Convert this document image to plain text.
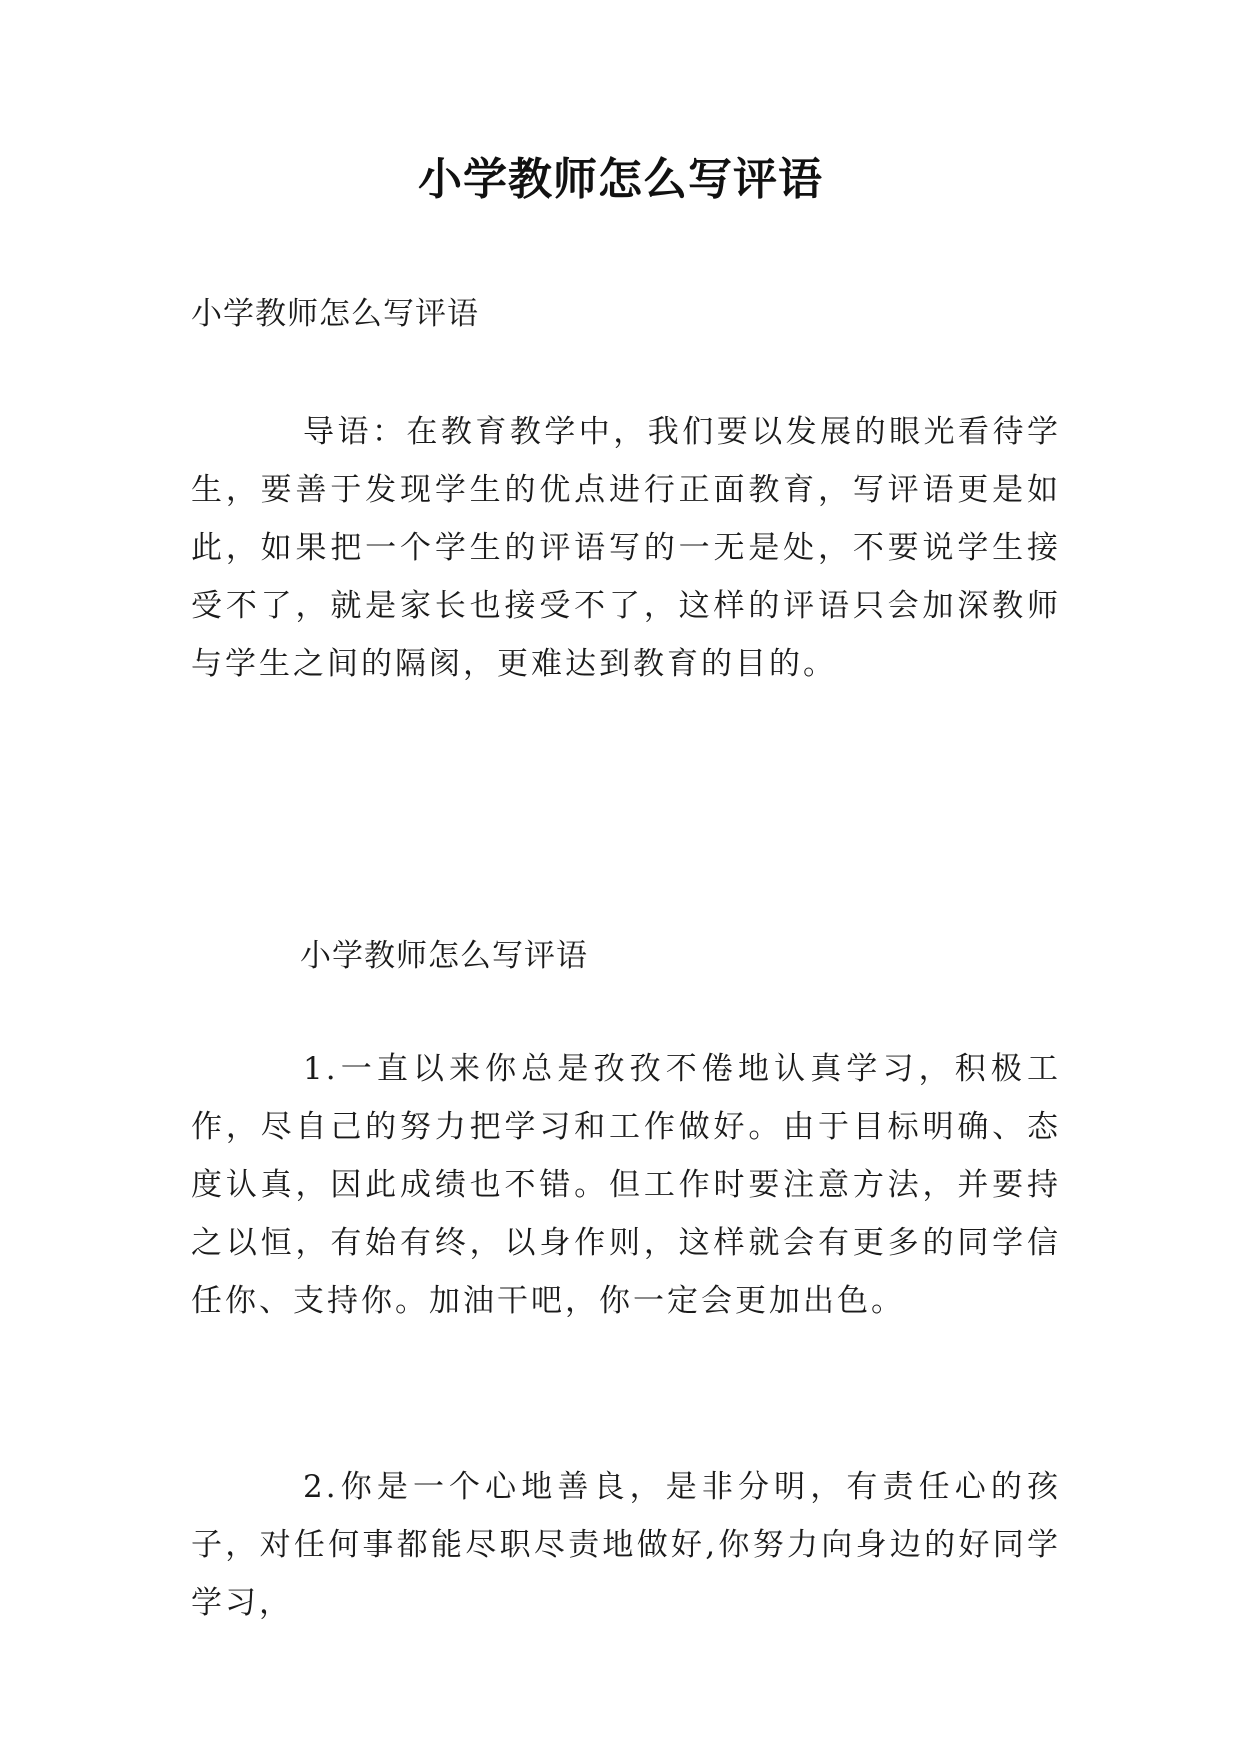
小学教师怎么写评语
小学教师怎么写评语

导语：在教育教学中，我们要以发展的眼光看待学生，要善于发现学生的优点进行正面教育，写评语更是如此，如果把一个学生的评语写的一无是处，不要说学生接受不了，就是家长也接受不了，这样的评语只会加深教师与学生之间的隔阂，更难达到教育的目的。

小学教师怎么写评语

1.一直以来你总是孜孜不倦地认真学习，积极工作，尽自己的努力把学习和工作做好。由于目标明确、态度认真，因此成绩也不错。但工作时要注意方法，并要持之以恒，有始有终，以身作则，这样就会有更多的同学信任你、支持你。加油干吧，你一定会更加出色。

2.你是一个心地善良，是非分明，有责任心的孩子，对任何事都能尽职尽责地做好,你努力向身边的好同学学习，
